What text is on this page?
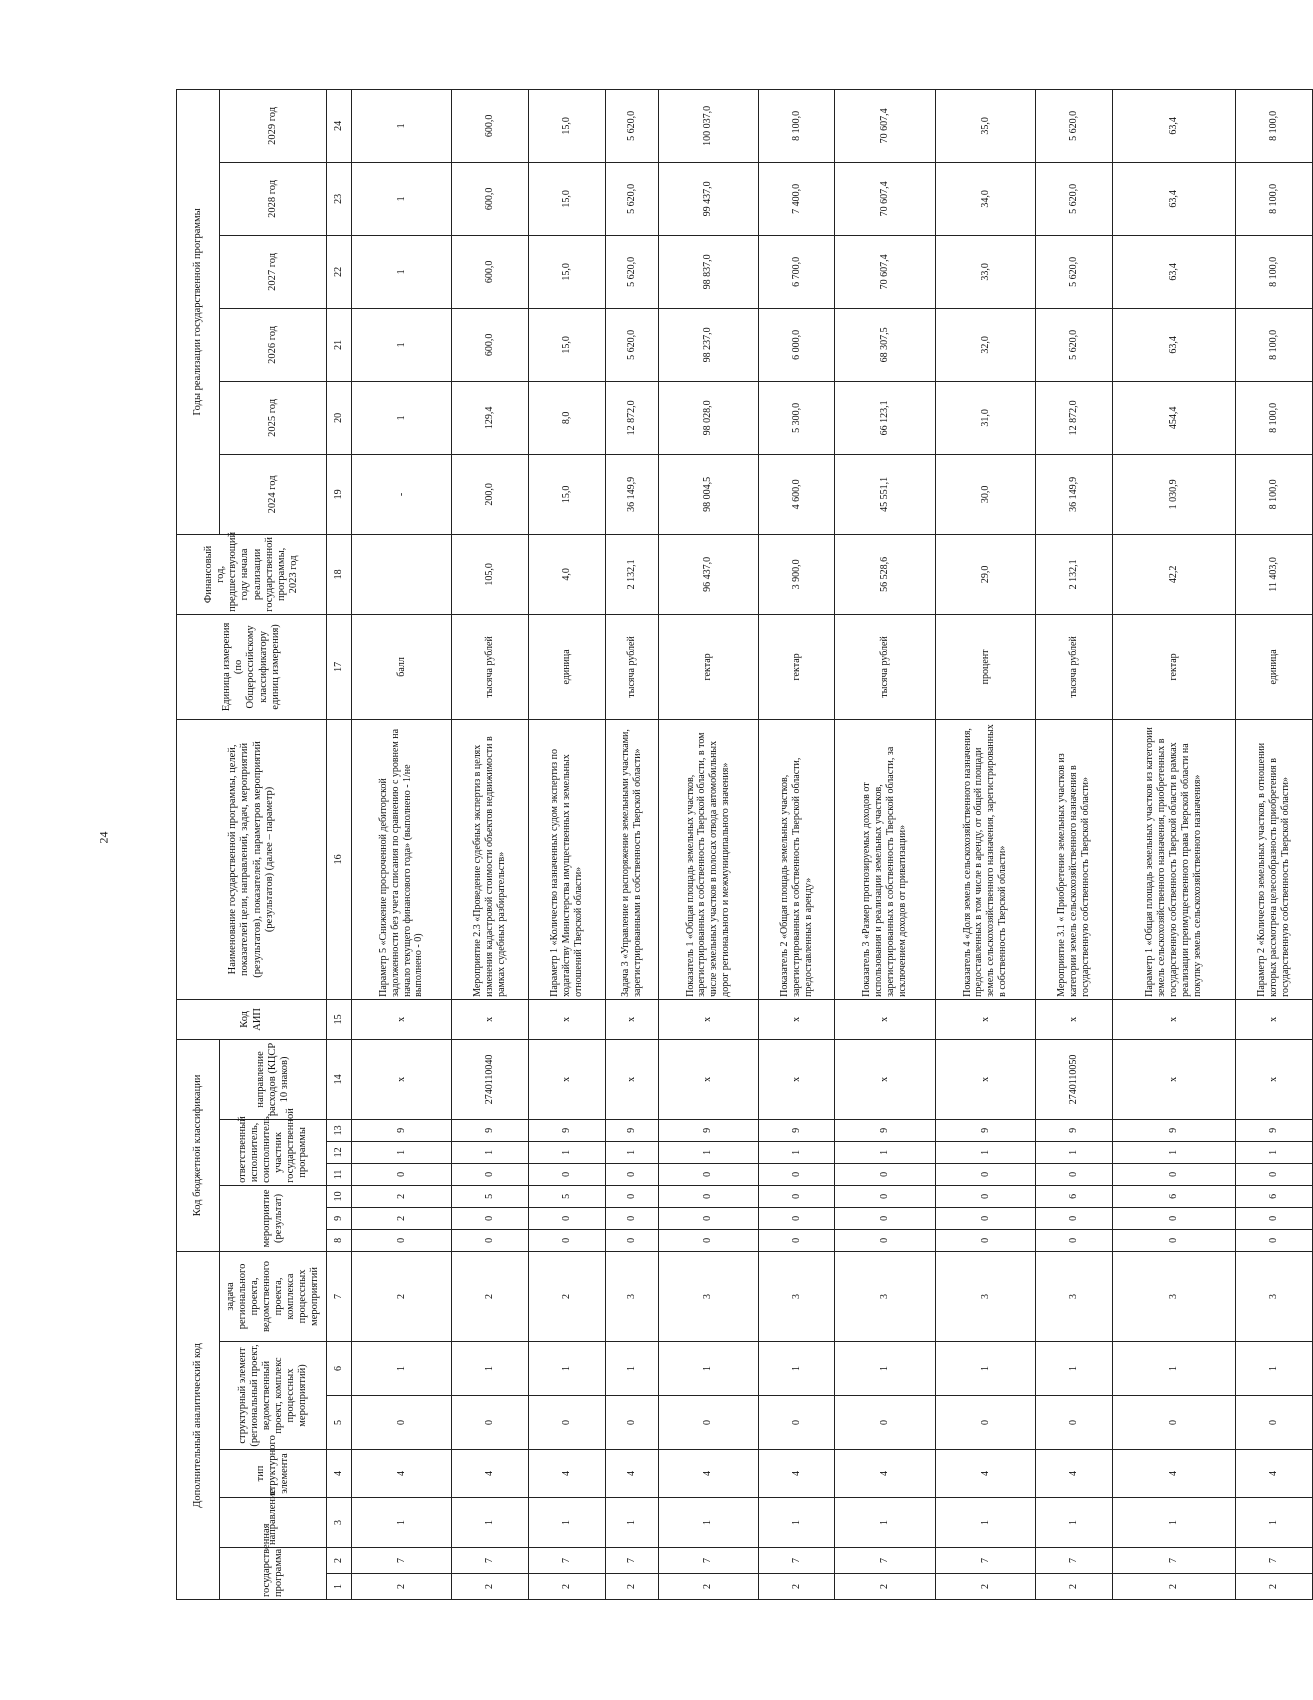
24
Дополнительный аналитический код							Код бюджетной классификации							Код АИП	Наименование государственной программы, целей, показателей цели, направлений, задач, мероприятий (результатов), показателей, параметров мероприятий (результатов) (далее – параметр)	Единица измерения (по Общероссийскому классификатору единиц измерения)	Финансовый год, предшествующий году начала реализации государственной программы, 2023 год	Годы реализации государственной программы					
государственная программа		направление	тип структурного элемента	структурный элемент (региональный проект, ведомственный проект, комплекс процессных мероприятий)		задача регионального проекта, ведомственного проекта, комплекса процессных мероприятий	мероприятие (результат)			ответственный исполнитель, соисполнитель, участник государственной программы			направление расходов (КЦСР 10 знаков)					2024 год	2025 год	2026 год	2027 год	2028 год	2029 год

1	2	3	4	5	6	7	8	9	10	11	12	13	14	15	16	17	18	19	20	21	22	23	24
2	7	1	4	0	1	2	0	2	2	0	1	9	x	x	Параметр 5 «Снижение просроченной дебиторской задолженности без учета списания по сравнению с уровнем на начало текущего финансового года» (выполнено - 1/не выполнено - 0)	балл		-	1	1	1	1	1
2	7	1	4	0	1	2	0	0	5	0	1	9	2740110040	x	Мероприятие 2.3 «Проведение судебных экспертиз в целях изменения кадастровой стоимости объектов недвижимости в рамках судебных разбирательств»	тысяча рублей	105,0	200,0	129,4	600,0	600,0	600,0	600,0
2	7	1	4	0	1	2	0	0	5	0	1	9	x	x	Параметр 1 «Количество назначенных судом экспертиз по ходатайству Министерства имущественных и земельных отношений Тверской области»	единица	4,0	15,0	8,0	15,0	15,0	15,0	15,0
2	7	1	4	0	1	3	0	0	0	0	1	9	x	x	Задача 3 «Управление и распоряжение земельными участками, зарегистрированными в собственность Тверской области»	тысяча рублей	2 132,1	36 149,9	12 872,0	5 620,0	5 620,0	5 620,0	5 620,0
2	7	1	4	0	1	3	0	0	0	0	1	9	x	x	Показатель 1 «Общая площадь земельных участков, зарегистрированных в собственность Тверской области, в том числе земельных участков в полосах отвода автомобильных дорог регионального и межмуниципального значения»	гектар	96 437,0	98 004,5	98 028,0	98 237,0	98 837,0	99 437,0	100 037,0
2	7	1	4	0	1	3	0	0	0	0	1	9	x	x	Показатель 2 «Общая площадь земельных участков, зарегистрированных в собственность Тверской области, предоставленных в аренду»	гектар	3 900,0	4 600,0	5 300,0	6 000,0	6 700,0	7 400,0	8 100,0
2	7	1	4	0	1	3	0	0	0	0	1	9	x	x	Показатель 3 «Размер прогнозируемых доходов от использования и реализации земельных участков, зарегистрированных в собственность Тверской области, за исключением доходов от приватизации»	тысяча рублей	56 528,6	45 551,1	66 123,1	68 307,5	70 607,4	70 607,4	70 607,4
2	7	1	4	0	1	3	0	0	0	0	1	9	x	x	Показатель 4 «Доля земель сельскохозяйственного назначения, предоставленных в том числе в аренду, от общей площади земель сельскохозяйственного назначения, зарегистрированных в собственность Тверской области»	процент	29,0	30,0	31,0	32,0	33,0	34,0	35,0
2	7	1	4	0	1	3	0	0	6	0	1	9	2740110050	x	Мероприятие 3.1 « Приобретение земельных участков из категории земель сельскохозяйственного назначения в государственную собственность Тверской области»	тысяча рублей	2 132,1	36 149,9	12 872,0	5 620,0	5 620,0	5 620,0	5 620,0
2	7	1	4	0	1	3	0	0	6	0	1	9	x	x	Параметр 1 «Общая площадь земельных участков из категории земель сельскохозяйственного назначения, приобретенных в государственную собственность Тверской области в рамках реализации преимущественного права Тверской области на покупку земель сельскохозяйственного назначения»	гектар	42,2	1 030,9	454,4	63,4	63,4	63,4	63,4
2	7	1	4	0	1	3	0	0	6	0	1	9	x	x	Параметр 2 «Количество земельных участков, в отношении которых рассмотрена целесообразность приобретения в государственную собственность Тверской области»	единица	11 403,0	8 100,0	8 100,0	8 100,0	8 100,0	8 100,0	8 100,0
